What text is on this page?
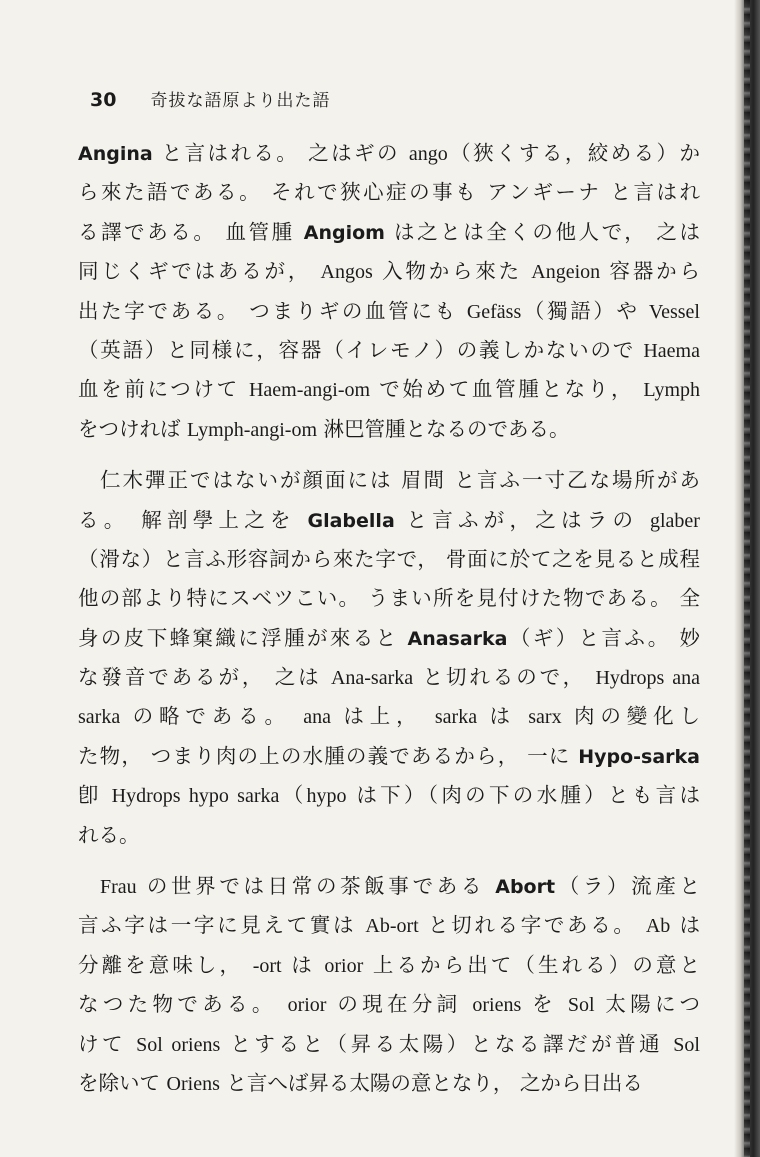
30 奇拔な語原より出た語
Angina と言はれる。 之はギの ango（狹くする，絞める）か
ら來た語である。 それで狹心症の事も アンギーナ と言はれ
る譯である。 血管腫 Angiom は之とは全くの他人で， 之は
同じくギではあるが， Angos 入物から來た Angeion 容器から
出た字である。 つまりギの血管にも Gefäss（獨語）や Vessel
（英語）と同様に，容器（イレモノ）の義しかないので Haema
血を前につけて Haem-angi-om で始めて血管腫となり， Lymph
をつければ Lymph-angi-om 淋巴管腫となるのである。
仁木彈正ではないが顔面には 眉間 と言ふ一寸乙な場所があ
る。 解剖學上之を Glabella と言ふが，之はラの glaber
（滑な）と言ふ形容詞から來た字で， 骨面に於て之を見ると成程
他の部より特にスベツこい。 うまい所を見付けた物である。 全
身の皮下蜂窠織に浮腫が來ると Anasarka（ギ）と言ふ。 妙
な發音であるが， 之は Ana-sarka と切れるので， Hydrops ana
sarka の略である。 ana は上， sarka は sarx 肉の變化し
た物， つまり肉の上の水腫の義であるから， 一に Hypo-sarka
卽 Hydrops hypo sarka（hypo は下）（肉の下の水腫）とも言は
れる。
Frau の世界では日常の茶飯事である Abort（ラ）流產と
言ふ字は一字に見えて實は Ab-ort と切れる字である。 Ab は
分離を意味し， -ort は orior 上るから出て（生れる）の意と
なつた物である。 orior の現在分詞 oriens を Sol 太陽につ
けて Sol oriens とすると（昇る太陽）となる譯だが普通 Sol
を除いて Oriens と言へば昇る太陽の意となり， 之から日出る
